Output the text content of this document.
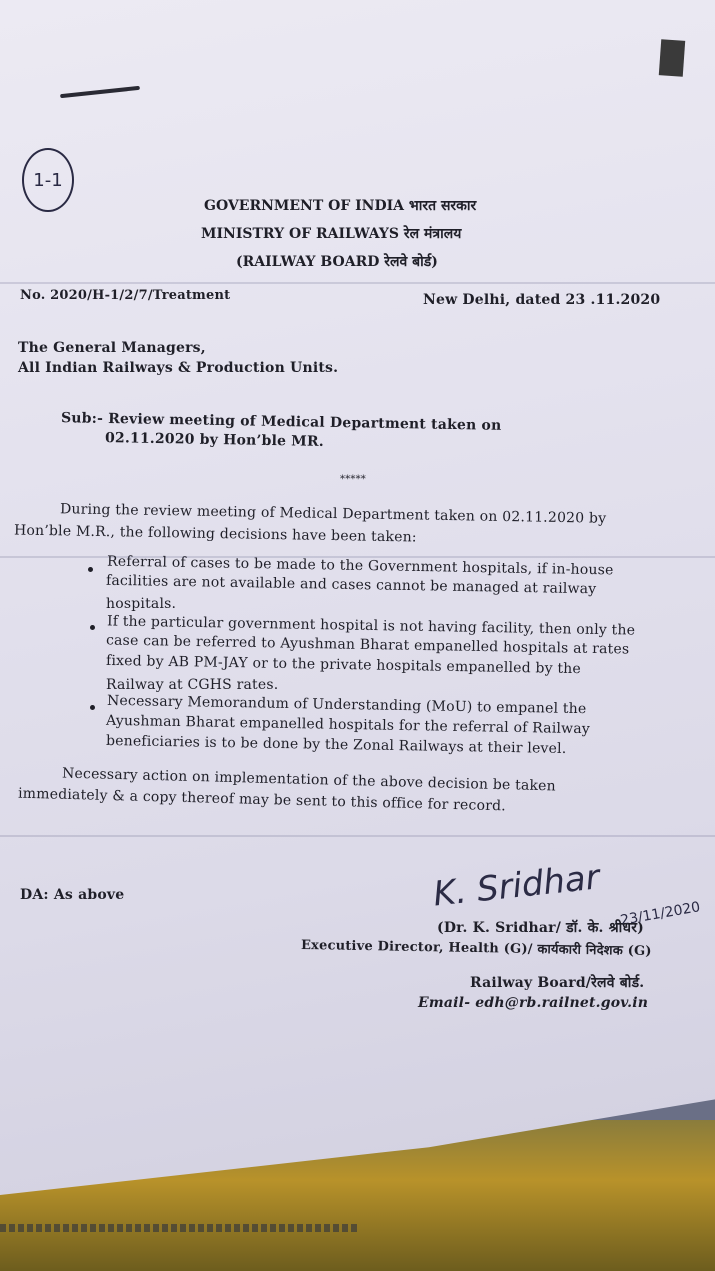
1-1
GOVERNMENT OF INDIA भारत सरकार
MINISTRY OF RAILWAYS रेल मंत्रालय
(RAILWAY BOARD रेलवे बोर्ड)
No. 2020/H-1/2/7/Treatment	New Delhi, dated 23 .11.2020
The General Managers,
All Indian Railways & Production Units.
Sub:- Review meeting of Medical Department taken on
02.11.2020 by Hon’ble MR.
*****
During the review meeting of Medical Department taken on 02.11.2020 by
Hon’ble M.R., the following decisions have been taken:
Referral of cases to be made to the Government hospitals, if in-house
facilities are not available and cases cannot be managed at railway
hospitals.
If the particular government hospital is not having facility, then only the
case can be referred to Ayushman Bharat empanelled hospitals at rates
fixed by AB PM-JAY or to the private hospitals empanelled by the
Railway at CGHS rates.
Necessary Memorandum of Understanding (MoU) to empanel the
Ayushman Bharat empanelled hospitals for the referral of Railway
beneficiaries is to be done by the Zonal Railways at their level.
Necessary action on implementation of the above decision be taken
immediately & a copy thereof may be sent to this office for record.
DA: As above	K. Sridhar 23/11/2020
(Dr. K. Sridhar/ डॉ. के. श्रीधर)
Executive Director, Health (G)/ कार्यकारी निदेशक (G)
Railway Board/रेलवे बोर्ड.
Email- edh@rb.railnet.gov.in
